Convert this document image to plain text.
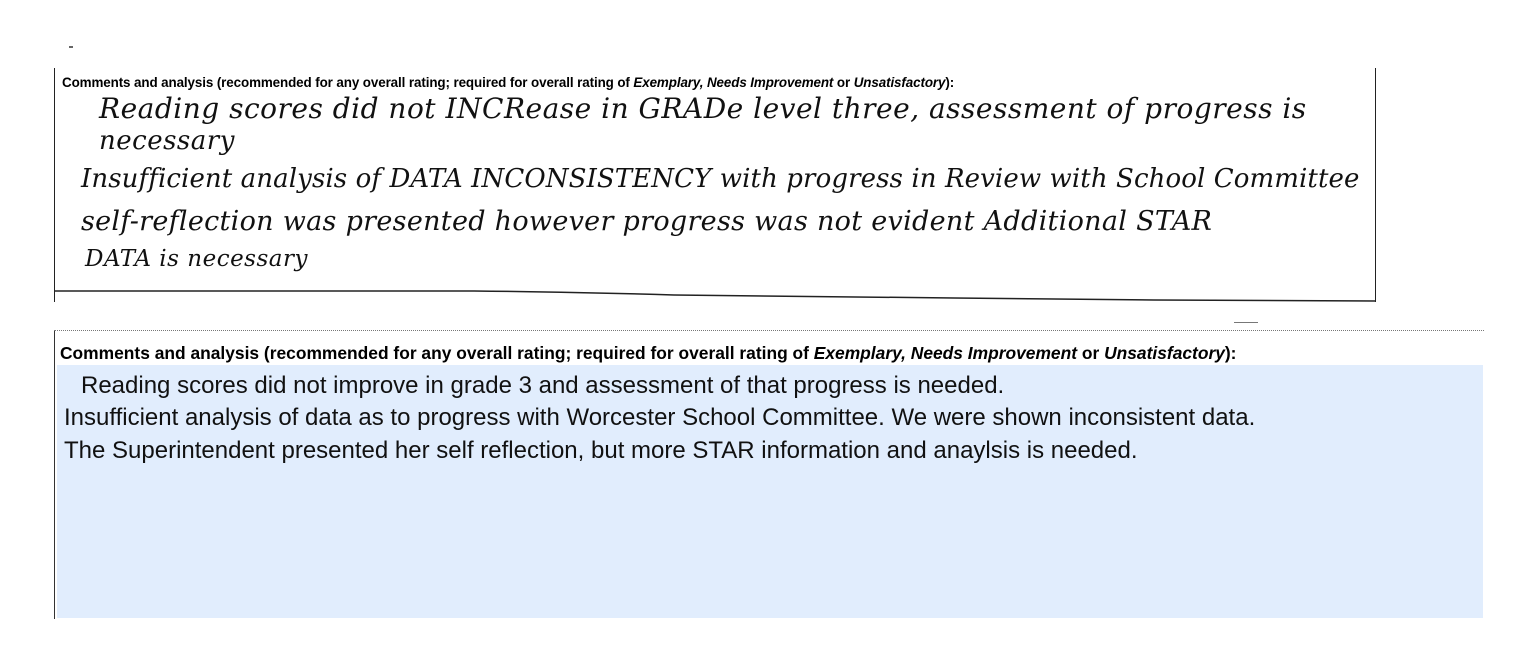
Comments and analysis (recommended for any overall rating; required for overall rating of Exemplary, Needs Improvement or Unsatisfactory):
Reading scores did not INCRease in GRADe level three, assessment of progress is
necessary
Insufficient analysis of DATA INCONSISTENCY with progress in Review with School Committee
self-reflection was presented however progress was not evident Additional STAR
DATA is necessary
Comments and analysis (recommended for any overall rating; required for overall rating of Exemplary, Needs Improvement or Unsatisfactory):
Reading scores did not improve in grade 3 and assessment of that progress is needed.
Insufficient analysis of data as to progress with Worcester School Committee. We were shown inconsistent data.
The Superintendent presented her self reflection, but more STAR information and anaylsis is needed.
